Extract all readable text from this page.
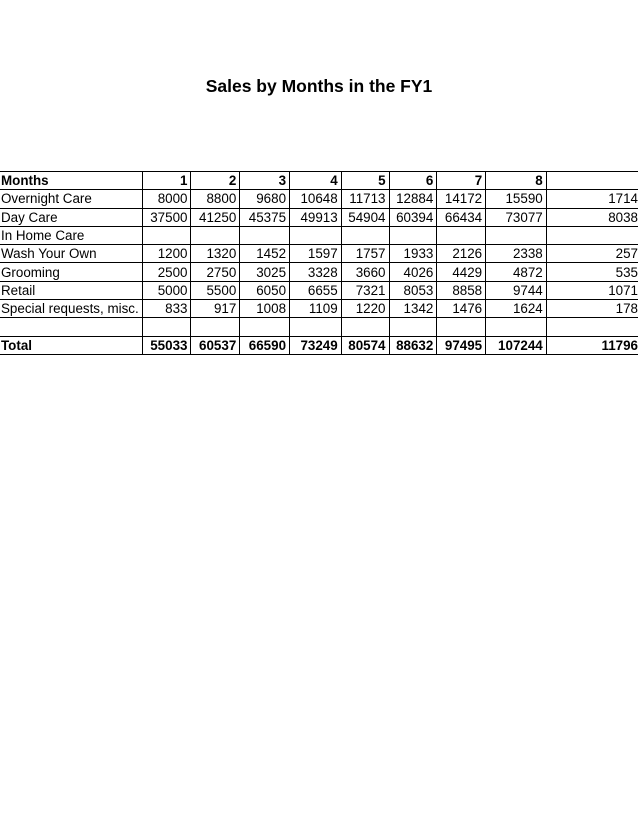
Sales by Months in the FY1
Months	1	2	3	4	5	6	7	8	
Overnight Care	8000	8800	9680	10648	11713	12884	14172	15590	1714
Day Care	37500	41250	45375	49913	54904	60394	66434	73077	8038
In Home Care									
Wash Your Own	1200	1320	1452	1597	1757	1933	2126	2338	257
Grooming	2500	2750	3025	3328	3660	4026	4429	4872	535
Retail	5000	5500	6050	6655	7321	8053	8858	9744	1071
Special requests, misc.	833	917	1008	1109	1220	1342	1476	1624	178

Total	55033	60537	66590	73249	80574	88632	97495	107244	11796
